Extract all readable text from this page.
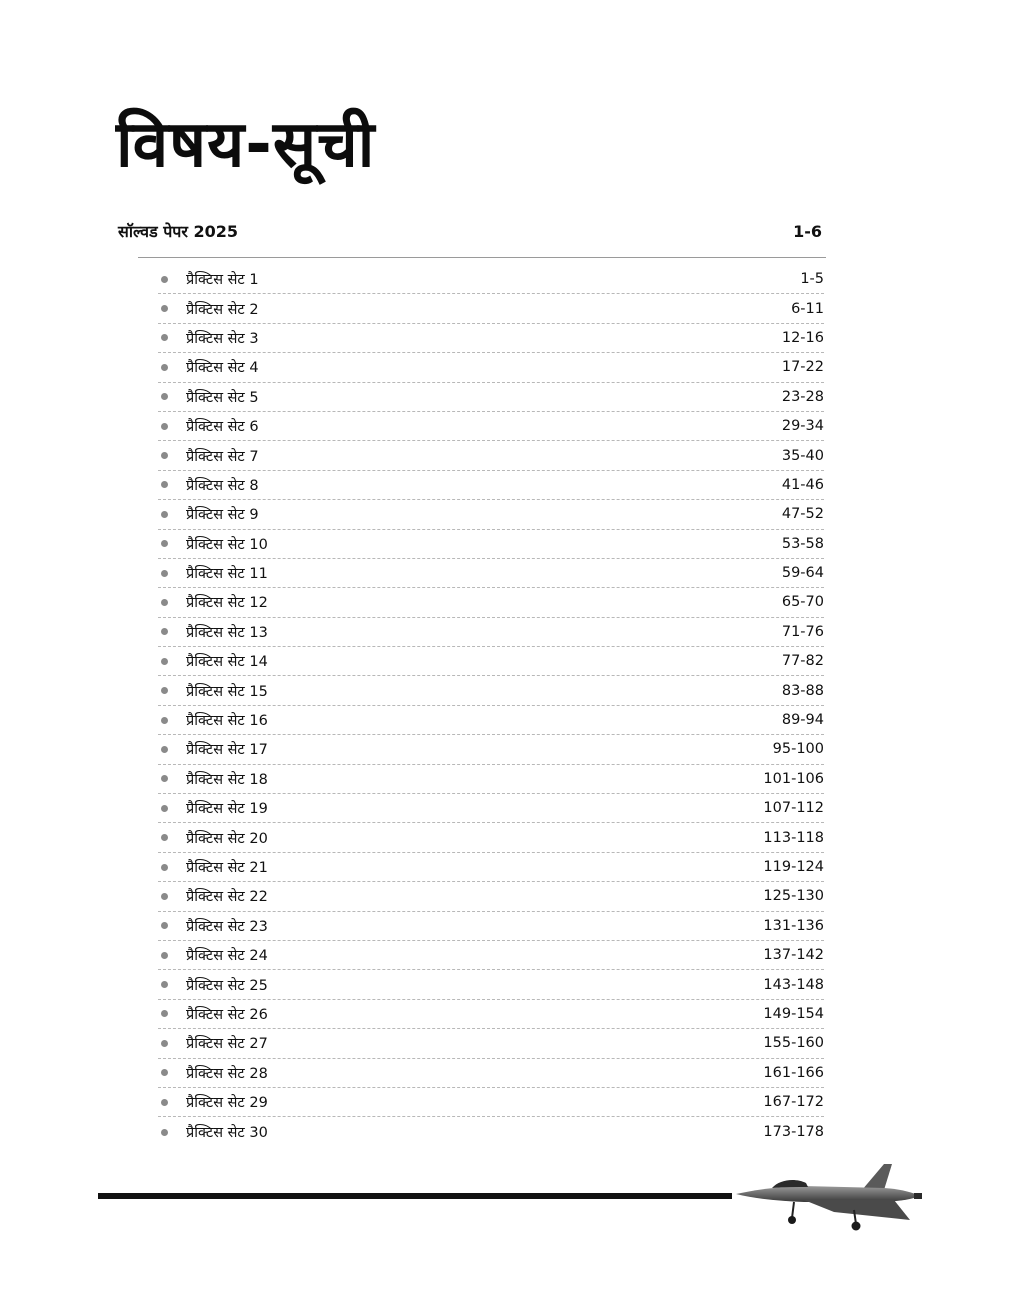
विषय-सूची
सॉल्वड पेपर 2025	1-6
प्रैक्टिस सेट 1	1-5
प्रैक्टिस सेट 2	6-11
प्रैक्टिस सेट 3	12-16
प्रैक्टिस सेट 4	17-22
प्रैक्टिस सेट 5	23-28
प्रैक्टिस सेट 6	29-34
प्रैक्टिस सेट 7	35-40
प्रैक्टिस सेट 8	41-46
प्रैक्टिस सेट 9	47-52
प्रैक्टिस सेट 10	53-58
प्रैक्टिस सेट 11	59-64
प्रैक्टिस सेट 12	65-70
प्रैक्टिस सेट 13	71-76
प्रैक्टिस सेट 14	77-82
प्रैक्टिस सेट 15	83-88
प्रैक्टिस सेट 16	89-94
प्रैक्टिस सेट 17	95-100
प्रैक्टिस सेट 18	101-106
प्रैक्टिस सेट 19	107-112
प्रैक्टिस सेट 20	113-118
प्रैक्टिस सेट 21	119-124
प्रैक्टिस सेट 22	125-130
प्रैक्टिस सेट 23	131-136
प्रैक्टिस सेट 24	137-142
प्रैक्टिस सेट 25	143-148
प्रैक्टिस सेट 26	149-154
प्रैक्टिस सेट 27	155-160
प्रैक्टिस सेट 28	161-166
प्रैक्टिस सेट 29	167-172
प्रैक्टिस सेट 30	173-178
